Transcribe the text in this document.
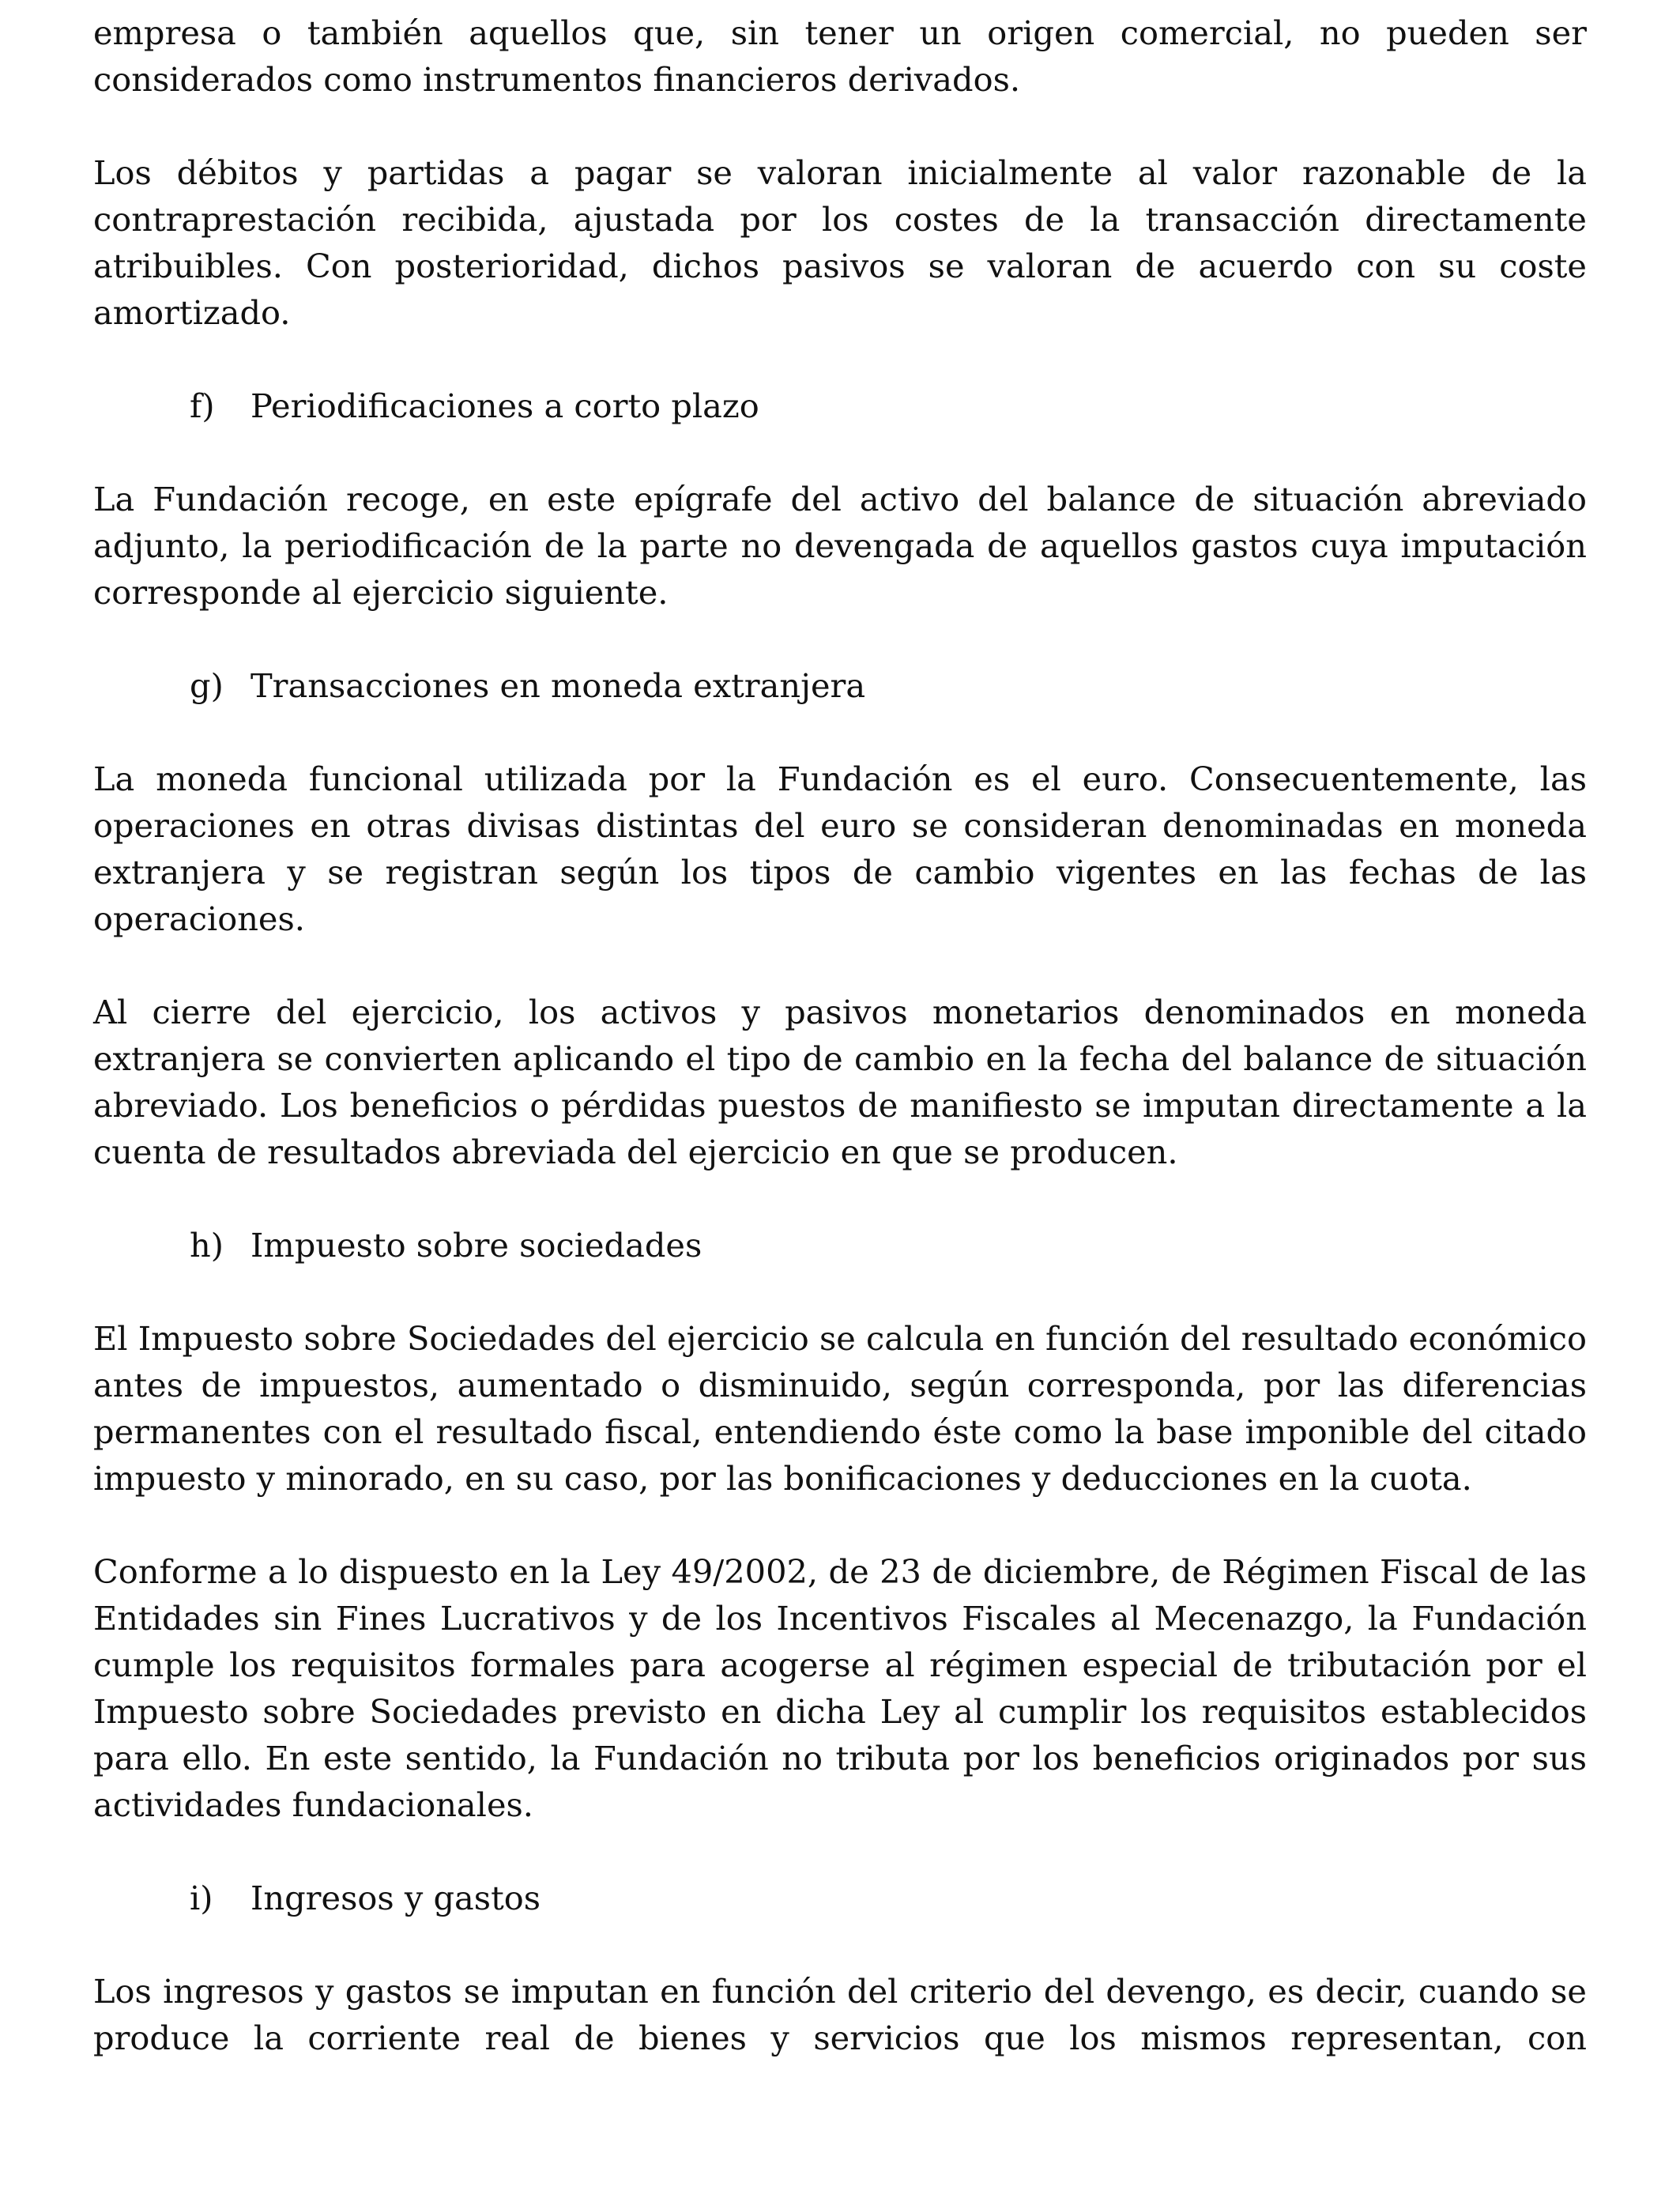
empresa o también aquellos que, sin tener un origen comercial, no pueden ser considerados como instrumentos financieros derivados.

Los débitos y partidas a pagar se valoran inicialmente al valor razonable de la contraprestación recibida, ajustada por los costes de la transacción directamente atribuibles. Con posterioridad, dichos pasivos se valoran de acuerdo con su coste amortizado.

f)	Periodificaciones a corto plazo

La Fundación recoge, en este epígrafe del activo del balance de situación abreviado adjunto, la periodificación de la parte no devengada de aquellos gastos cuya imputación corresponde al ejercicio siguiente.

g) Transacciones en moneda extranjera

La moneda funcional utilizada por la Fundación es el euro. Consecuentemente, las operaciones en otras divisas distintas del euro se consideran denominadas en moneda extranjera y se registran según los tipos de cambio vigentes en las fechas de las operaciones.

Al cierre del ejercicio, los activos y pasivos monetarios denominados en moneda extranjera se convierten aplicando el tipo de cambio en la fecha del balance de situación abreviado. Los beneficios o pérdidas puestos de manifiesto se imputan directamente a la cuenta de resultados abreviada del ejercicio en que se producen.

h) Impuesto sobre sociedades

El Impuesto sobre Sociedades del ejercicio se calcula en función del resultado económico antes de impuestos, aumentado o disminuido, según corresponda, por las diferencias permanentes con el resultado fiscal, entendiendo éste como la base imponible del citado impuesto y minorado, en su caso, por las bonificaciones y deducciones en la cuota.

Conforme a lo dispuesto en la Ley 49/2002, de 23 de diciembre, de Régimen Fiscal de las Entidades sin Fines Lucrativos y de los Incentivos Fiscales al Mecenazgo, la Fundación cumple los requisitos formales para acogerse al régimen especial de tributación por el Impuesto sobre Sociedades previsto en dicha Ley al cumplir los requisitos establecidos para ello. En este sentido, la Fundación no tributa por los beneficios originados por sus actividades fundacionales.

i)	Ingresos y gastos

Los ingresos y gastos se imputan en función del criterio del devengo, es decir, cuando se produce la corriente real de bienes y servicios que los mismos representan, con
